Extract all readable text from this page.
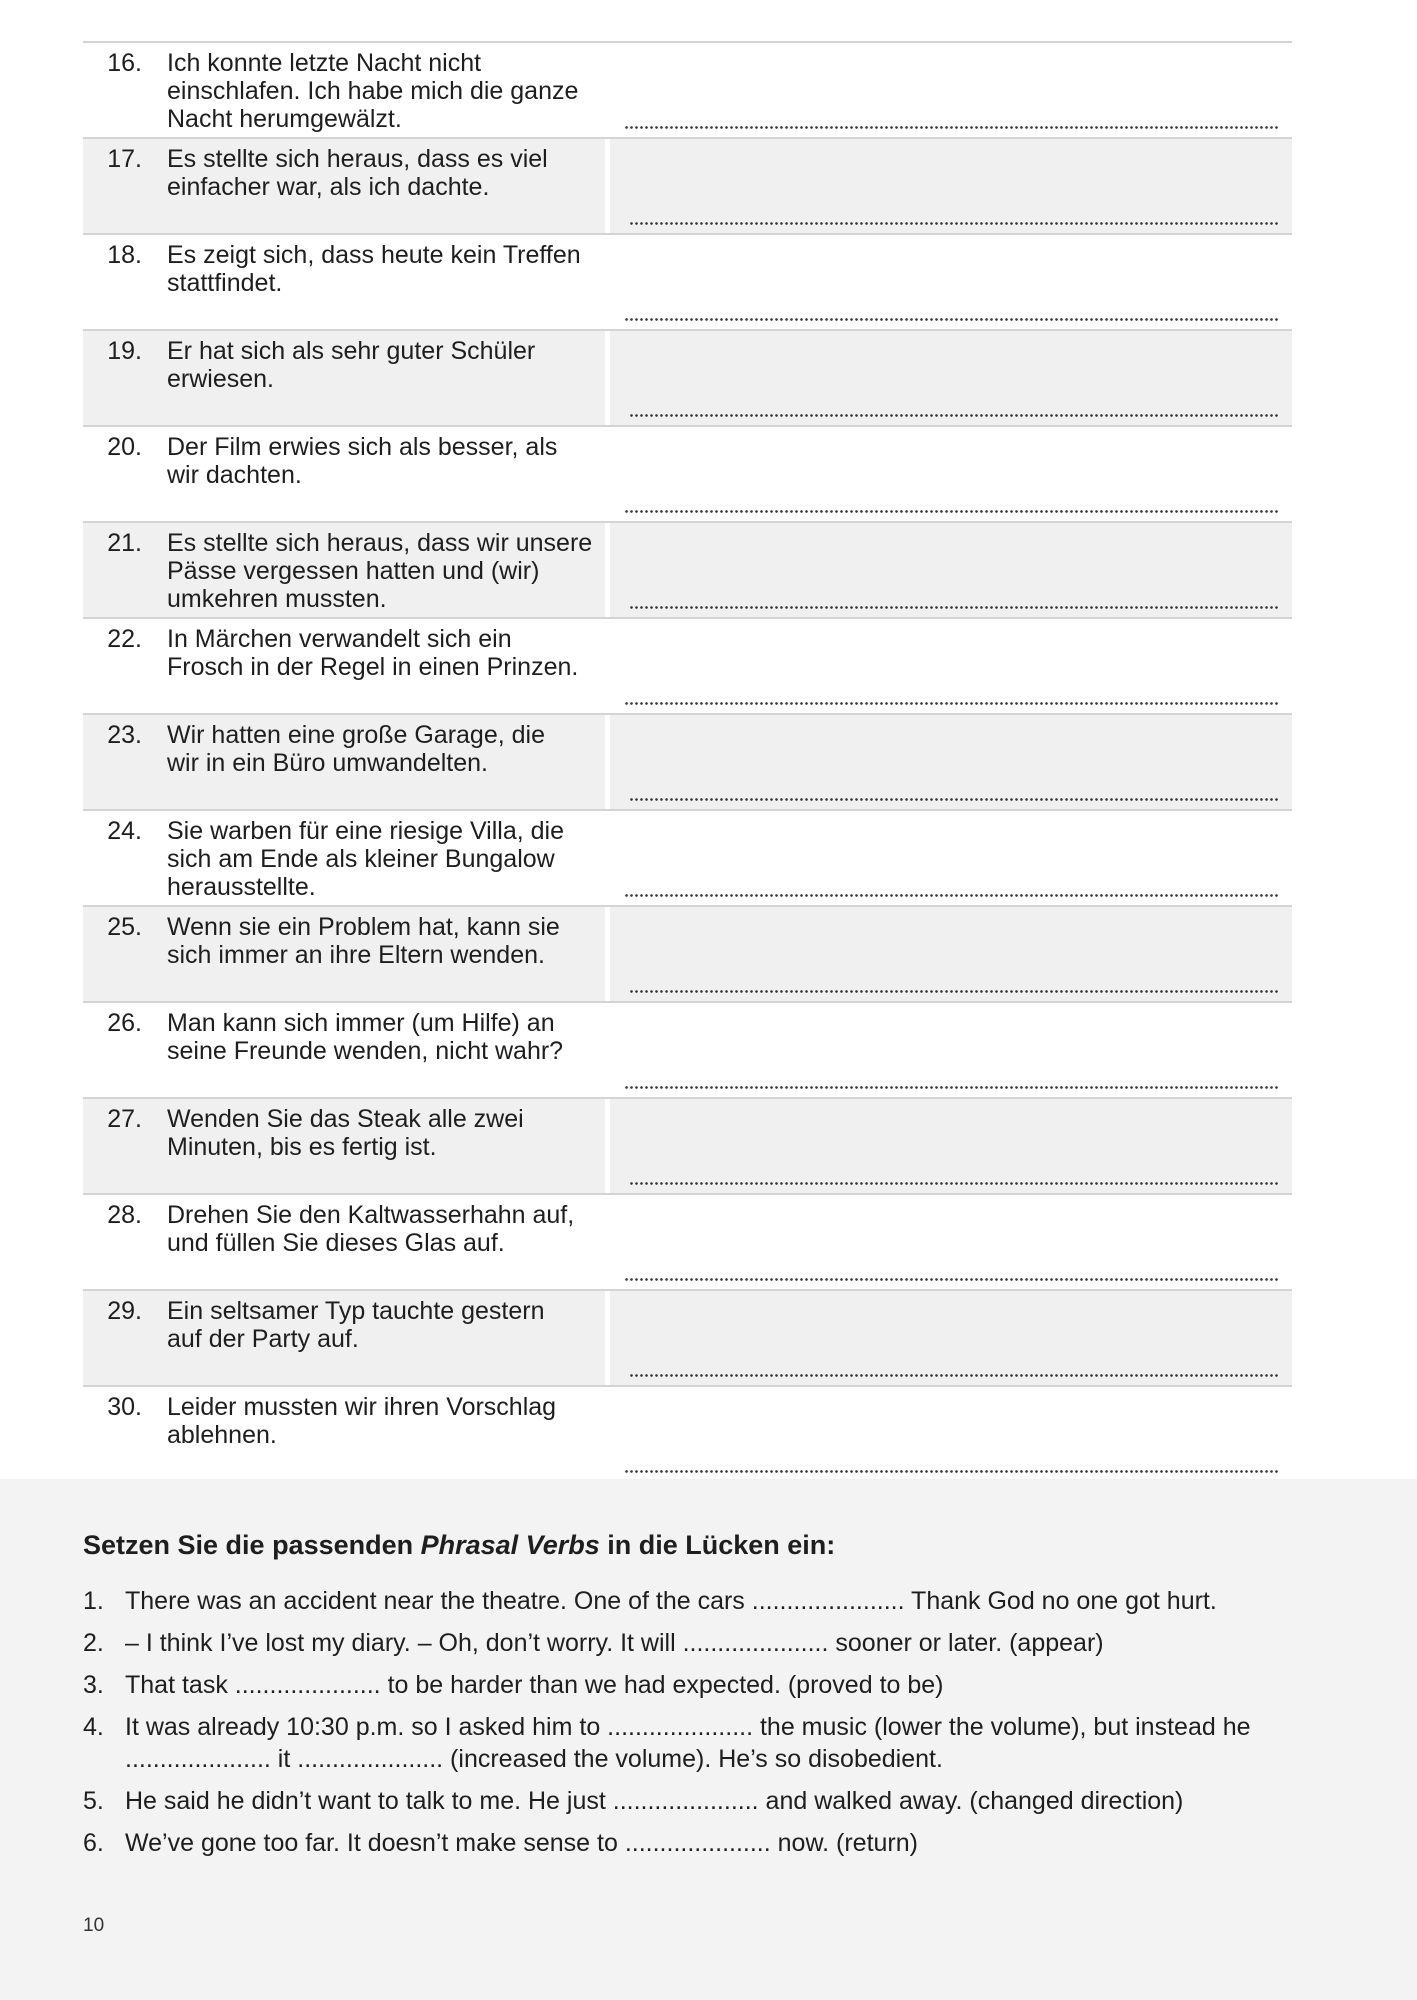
16. Ich konnte letzte Nacht nicht
einschlafen. Ich habe mich die ganze
Nacht herumgewälzt.
17. Es stellte sich heraus, dass es viel
einfacher war, als ich dachte.
18. Es zeigt sich, dass heute kein Treffen
stattfindet.
19. Er hat sich als sehr guter Schüler
erwiesen.
20. Der Film erwies sich als besser, als
wir dachten.
21. Es stellte sich heraus, dass wir unsere
Pässe vergessen hatten und (wir)
umkehren mussten.
22. In Märchen verwandelt sich ein
Frosch in der Regel in einen Prinzen.
23. Wir hatten eine große Garage, die
wir in ein Büro umwandelten.
24. Sie warben für eine riesige Villa, die
sich am Ende als kleiner Bungalow
herausstellte.
25. Wenn sie ein Problem hat, kann sie
sich immer an ihre Eltern wenden.
26. Man kann sich immer (um Hilfe) an
seine Freunde wenden, nicht wahr?
27. Wenden Sie das Steak alle zwei
Minuten, bis es fertig ist.
28. Drehen Sie den Kaltwasserhahn auf,
und füllen Sie dieses Glas auf.
29. Ein seltsamer Typ tauchte gestern
auf der Party auf.
30. Leider mussten wir ihren Vorschlag
ablehnen.
Setzen Sie die passenden Phrasal Verbs in die Lücken ein:
1. There was an accident near the theatre. One of the cars ...................... Thank God no one got hurt.
2. – I think I’ve lost my diary. – Oh, don’t worry. It will ..................... sooner or later. (appear)
3. That task ..................... to be harder than we had expected. (proved to be)
4. It was already 10:30 p.m. so I asked him to ..................... the music (lower the volume), but instead he
..................... it ..................... (increased the volume). He’s so disobedient.
5. He said he didn’t want to talk to me. He just ..................... and walked away. (changed direction)
6. We’ve gone too far. It doesn’t make sense to ..................... now. (return)
10
